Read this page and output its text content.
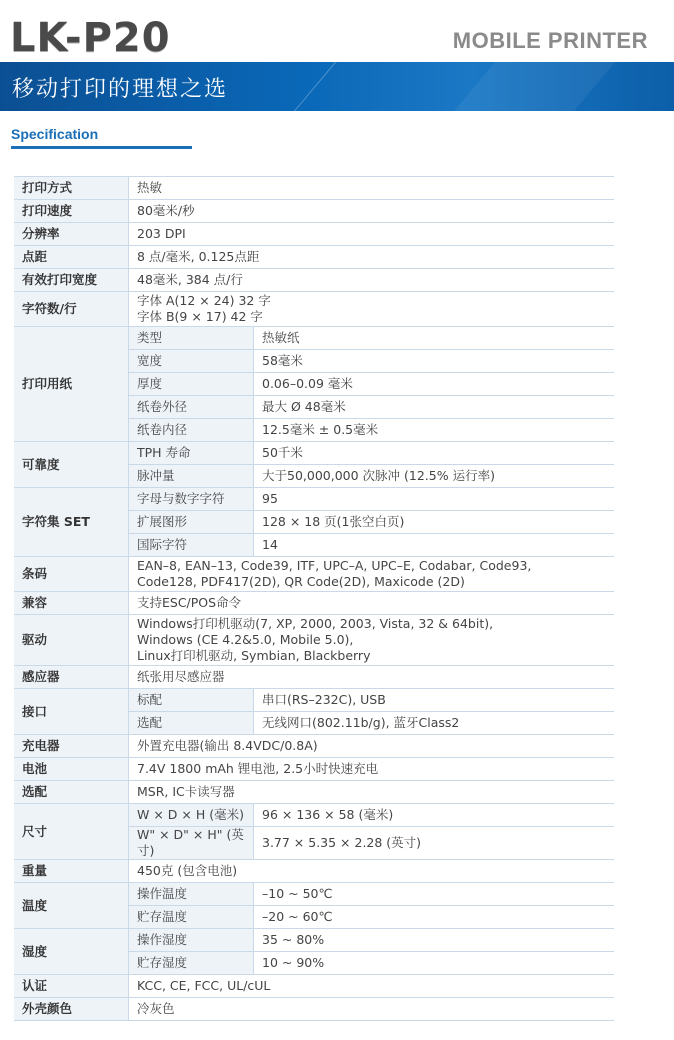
LK-P20	MOBILE PRINTER
移动打印的理想之选
Specification
打印方式	热敏	
打印速度	80毫米/秒	
分辨率	203 DPI	
点距	8 点/毫米, 0.125点距	
有效打印宽度	48毫米, 384 点/行	
字符数/行	字体 A(12 × 24) 32 字
字体 B(9 × 17) 42 字	

打印用纸	类型	热敏纸
	宽度	58毫米
	厚度	0.06–0.09 毫米
	纸卷外径	最大 Ø 48毫米
	纸卷内径	12.5毫米 ± 0.5毫米
可靠度	TPH 寿命	50千米
	脉冲量	大于50,000,000 次脉冲 (12.5% 运行率)
字符集 SET	字母与数字字符	95
	扩展图形	128 × 18 页(1张空白页)
	国际字符	14
条码	EAN–8, EAN–13, Code39, ITF, UPC–A, UPC–E, Codabar, Code93,
Code128, PDF417(2D), QR Code(2D), Maxicode (2D)	

兼容	支持ESC/POS命令	
驱动	Windows打印机驱动(7, XP, 2000, 2003, Vista, 32 & 64bit),
Windows (CE 4.2&5.0, Mobile 5.0),
Linux打印机驱动, Symbian, Blackberry	

感应器	纸张用尽感应器	
接口	标配	串口(RS–232C), USB
	选配	无线网口(802.11b/g), 蓝牙Class2
充电器	外置充电器(输出 8.4VDC/0.8A)	
电池	7.4V 1800 mAh 锂电池, 2.5小时快速充电	
选配	MSR, IC卡读写器	
尺寸	W × D × H (毫米)	96 × 136 × 58 (毫米)
	W" × D" × H" (英寸)	3.77 × 5.35 × 2.28 (英寸)
重量	450克 (包含电池)	
温度	操作温度	–10 ~ 50℃
	贮存温度	–20 ~ 60℃
湿度	操作湿度	35 ~ 80%
	贮存湿度	10 ~ 90%
认证	KCC, CE, FCC, UL/cUL	
外壳颜色	冷灰色	
